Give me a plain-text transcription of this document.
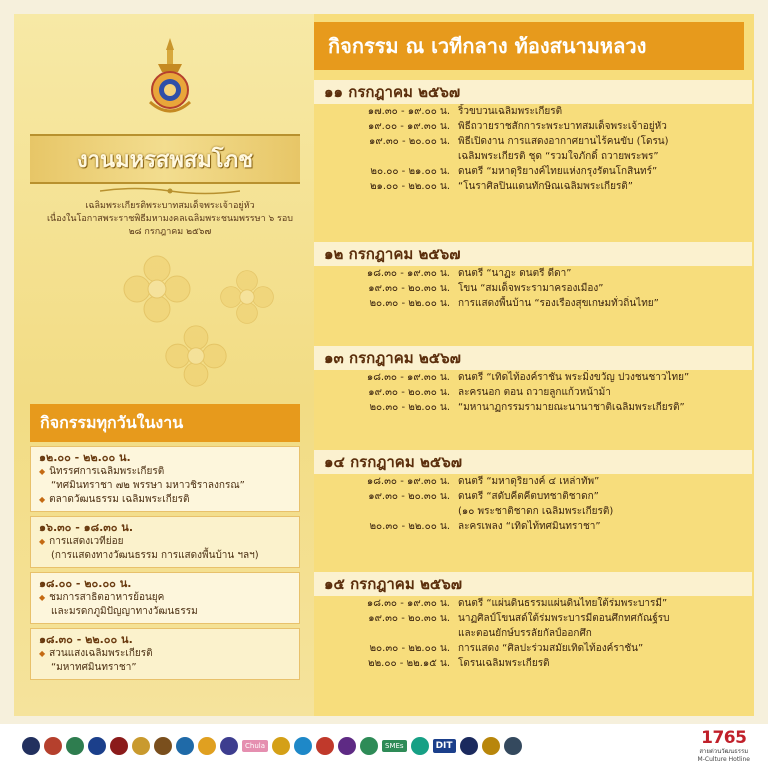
งานมหรสพสมโภช
เฉลิมพระเกียรติพระบาทสมเด็จพระเจ้าอยู่หัว
เนื่องในโอกาสพระราชพิธีมหามงคลเฉลิมพระชนมพรรษา ๖ รอบ
๒๘ กรกฎาคม ๒๕๖๗
กิจกรรมทุกวันในงาน
๑๒.๐๐ - ๒๒.๐๐ น.
◆ นิทรรศการเฉลิมพระเกียรติ
“ทศมินทราชา ๗๒ พรรษา มหาวชิราลงกรณ”
◆ ตลาดวัฒนธรรม เฉลิมพระเกียรติ
๑๖.๓๐ - ๑๘.๓๐ น.
◆ การแสดงเวทีย่อย
(การแสดงทางวัฒนธรรม การแสดงพื้นบ้าน ฯลฯ)
๑๘.๐๐ - ๒๐.๐๐ น.
◆ ชมการสาธิตอาหารย้อนยุค
และมรดกภูมิปัญญาทางวัฒนธรรม
๑๘.๓๐ - ๒๒.๐๐ น.
◆ สวนแสงเฉลิมพระเกียรติ
“มหาทศมินทราชา”
กิจกรรม ณ เวทีกลาง ท้องสนามหลวง
๑๑ กรกฎาคม ๒๕๖๗
๑๗.๓๐ - ๑๙.๐๐ น. ริ้วขบวนเฉลิมพระเกียรติ
๑๙.๐๐ - ๑๙.๓๐ น. พิธีถวายราชสักการะพระบาทสมเด็จพระเจ้าอยู่หัว
๑๙.๓๐ - ๒๐.๐๐ น. พิธีเปิดงาน การแสดงอากาศยานไร้คนขับ (โดรน)
เฉลิมพระเกียรติ ชุด “รวมใจภักดิ์ ถวายพระพร”
๒๐.๐๐ - ๒๑.๐๐ น. ดนตรี “มหาดุริยางค์ไทยแห่งกรุงรัตนโกสินทร์”
๒๑.๐๐ - ๒๒.๐๐ น. “โนราศิลปินแดนทักษิณเฉลิมพระเกียรติ”
๑๒ กรกฎาคม ๒๕๖๗
๑๘.๓๐ - ๑๙.๓๐ น. ดนตรี “นาฏะ ดนตรี ดีดา”
๑๙.๓๐ - ๒๐.๓๐ น. โขน “สมเด็จพระรามาครองเมือง”
๒๐.๓๐ - ๒๒.๐๐ น. การแสดงพื้นบ้าน “รองเรืองสุขเกษมทั่วถิ่นไทย”
๑๓ กรกฎาคม ๒๕๖๗
๑๘.๓๐ - ๑๙.๓๐ น. ดนตรี “เทิดไท้องค์ราชัน พระมิ่งขวัญ ปวงชนชาวไทย”
๑๙.๓๐ - ๒๐.๓๐ น. ละครนอก ตอน ถวายลูกแก้วหน้าม้า
๒๐.๓๐ - ๒๒.๐๐ น. “มหานาฏกรรมรามายณะนานาชาติเฉลิมพระเกียรติ”
๑๔ กรกฎาคม ๒๕๖๗
๑๘.๓๐ - ๑๙.๓๐ น. ดนตรี “มหาดุริยางค์ ๔ เหล่าทัพ”
๑๙.๓๐ - ๒๐.๓๐ น. ดนตรี “สดับคีตคีตบทชาติชาดก”
(๑๐ พระชาติชาดก เฉลิมพระเกียรติ)
๒๐.๓๐ - ๒๒.๐๐ น. ละครเพลง “เทิดไท้ทศมินทราชา”
๑๕ กรกฎาคม ๒๕๖๗
๑๘.๓๐ - ๑๙.๓๐ น. ดนตรี “แผ่นดินธรรมแผ่นดินไทยใต้ร่มพระบารมี”
๑๙.๓๐ - ๒๐.๓๐ น. นาฏศิลป์โขนสด์ใต้ร่มพระบารมีตอนศึกทศกัณฐ์รบ
และตอนยักษ์บรรลัยกัลป์ออกศึก
๒๐.๓๐ - ๒๒.๐๐ น. การแสดง “ศิลปะร่วมสมัยเทิดไท้องค์ราชัน”
๒๒.๐๐ - ๒๒.๑๕ น. โดรนเฉลิมพระเกียรติ
Chula	SMEs	DIT	1765
สายด่วนวัฒนธรรม
M-Culture Hotline
